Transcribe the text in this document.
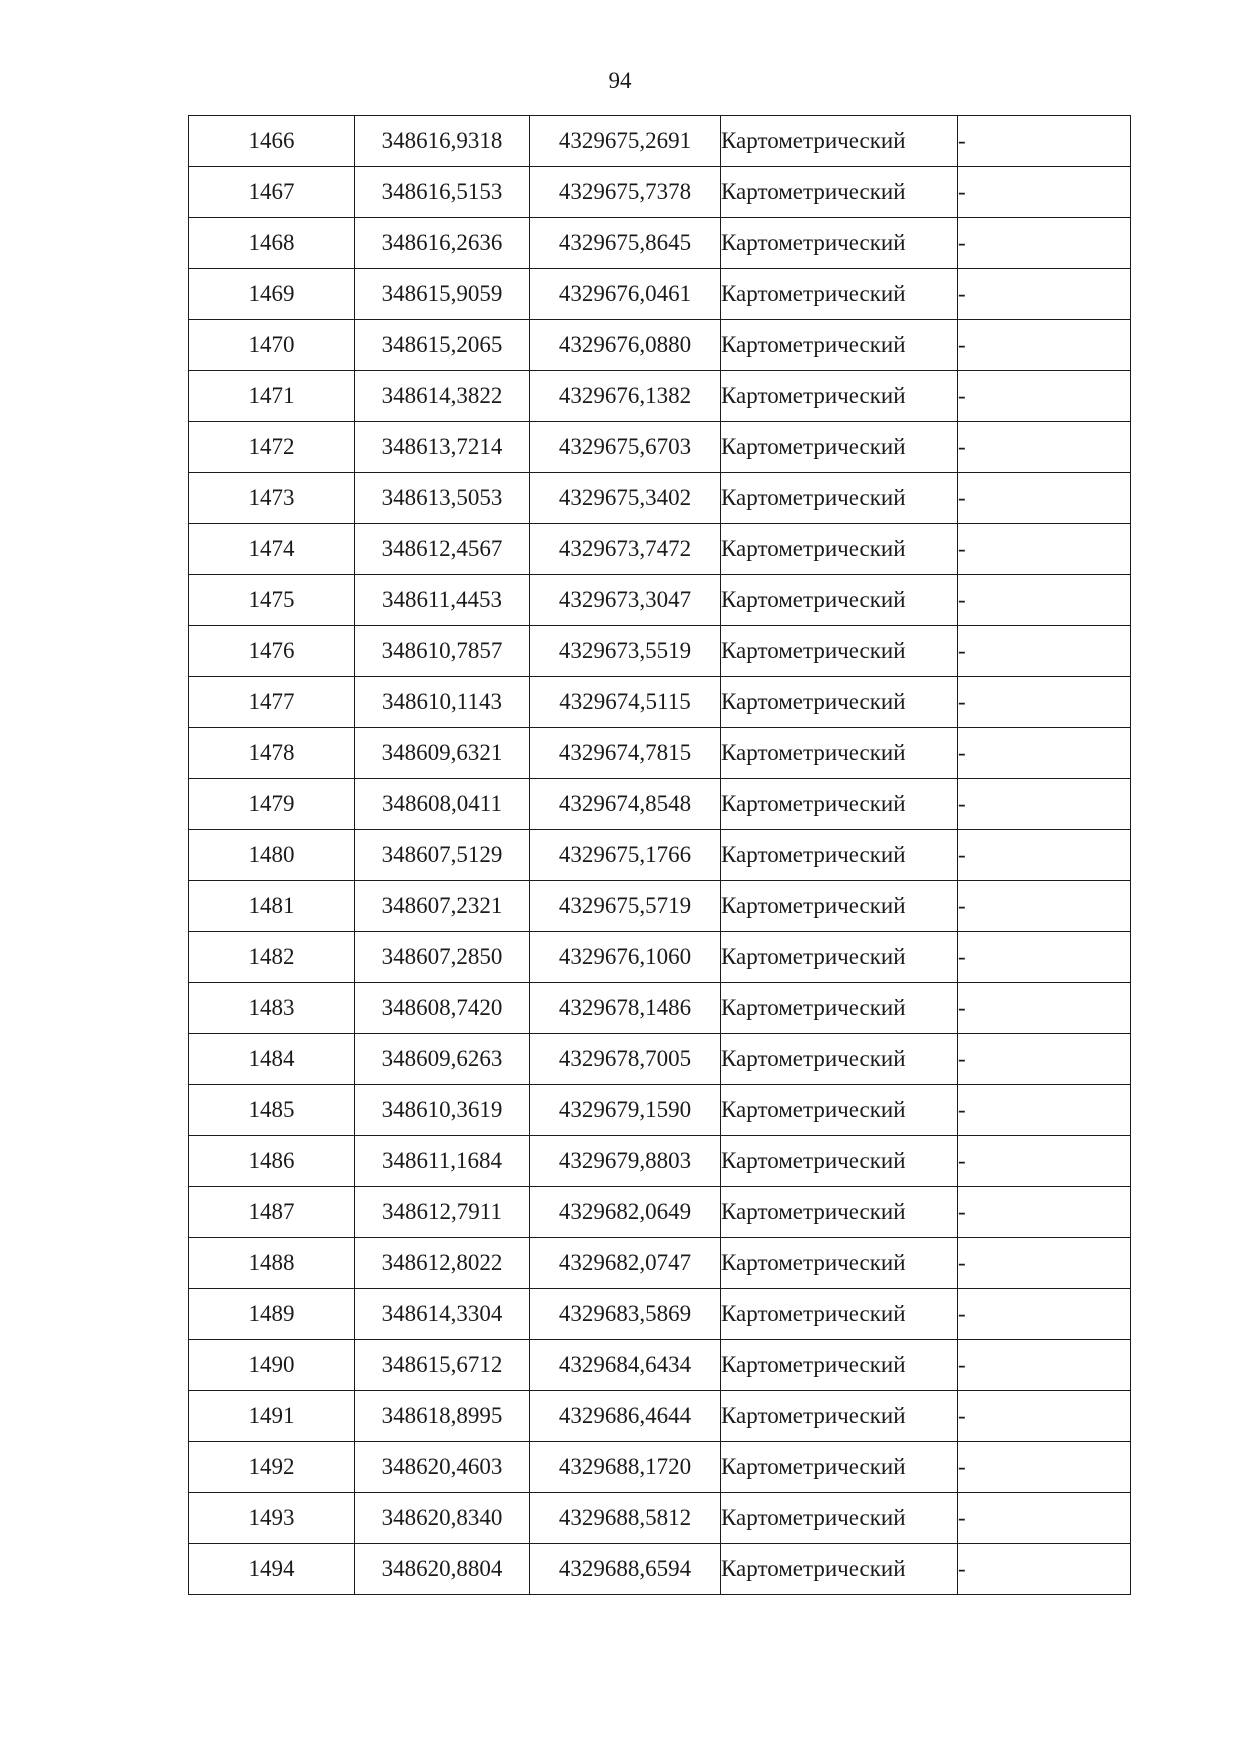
94
1466	348616,9318	4329675,2691	Картометрический	-
1467	348616,5153	4329675,7378	Картометрический	-
1468	348616,2636	4329675,8645	Картометрический	-
1469	348615,9059	4329676,0461	Картометрический	-
1470	348615,2065	4329676,0880	Картометрический	-
1471	348614,3822	4329676,1382	Картометрический	-
1472	348613,7214	4329675,6703	Картометрический	-
1473	348613,5053	4329675,3402	Картометрический	-
1474	348612,4567	4329673,7472	Картометрический	-
1475	348611,4453	4329673,3047	Картометрический	-
1476	348610,7857	4329673,5519	Картометрический	-
1477	348610,1143	4329674,5115	Картометрический	-
1478	348609,6321	4329674,7815	Картометрический	-
1479	348608,0411	4329674,8548	Картометрический	-
1480	348607,5129	4329675,1766	Картометрический	-
1481	348607,2321	4329675,5719	Картометрический	-
1482	348607,2850	4329676,1060	Картометрический	-
1483	348608,7420	4329678,1486	Картометрический	-
1484	348609,6263	4329678,7005	Картометрический	-
1485	348610,3619	4329679,1590	Картометрический	-
1486	348611,1684	4329679,8803	Картометрический	-
1487	348612,7911	4329682,0649	Картометрический	-
1488	348612,8022	4329682,0747	Картометрический	-
1489	348614,3304	4329683,5869	Картометрический	-
1490	348615,6712	4329684,6434	Картометрический	-
1491	348618,8995	4329686,4644	Картометрический	-
1492	348620,4603	4329688,1720	Картометрический	-
1493	348620,8340	4329688,5812	Картометрический	-
1494	348620,8804	4329688,6594	Картометрический	-
